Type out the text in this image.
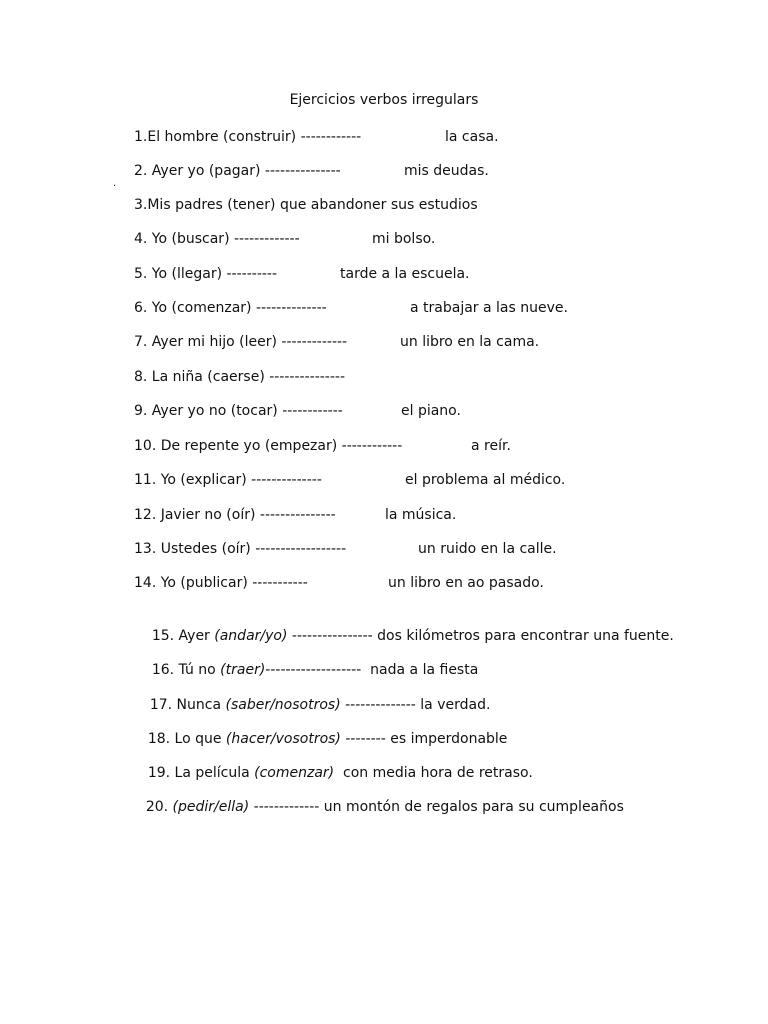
Ejercicios verbos irregulars
·

1.El hombre (construir) ------------

	la casa.

2. Ayer yo (pagar) ---------------

	mis deudas.

3.Mis padres (tener) que abandoner sus estudios

4. Yo (buscar) -------------

	mi bolso.

5. Yo (llegar) ----------

	tarde a la escuela.

6. Yo (comenzar) --------------

	a trabajar a las nueve.

7. Ayer mi hijo (leer) -------------

	un libro en la cama.

8. La niña (caerse) ---------------

9. Ayer yo no (tocar) ------------

	el piano.

10. De repente yo (empezar) ------------

	a reír.

11. Yo (explicar) --------------

	el problema al médico.

12. Javier no (oír) ---------------

	la música.

13. Ustedes (oír) ------------------

	un ruido en la calle.

14. Yo (publicar) -----------

	un libro en ao pasado.

15. Ayer (andar/yo) ---------------- dos kilómetros para encontrar una fuente.

16. Tú no (traer)-------------------  nada a la fiesta

17. Nunca (saber/nosotros) -------------- la verdad.

18. Lo que (hacer/vosotros) -------- es imperdonable

19. La película (comenzar)  con media hora de retraso.

20. (pedir/ella) ------------- un montón de regalos para su cumpleaños
